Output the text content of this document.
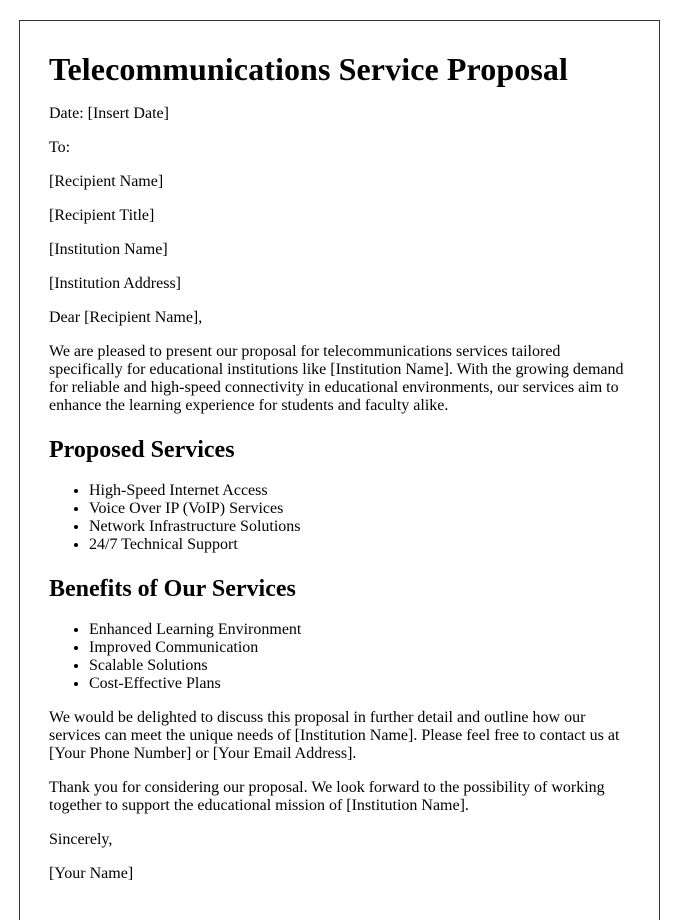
Telecommunications Service Proposal

Date: [Insert Date]

To:

[Recipient Name]

[Recipient Title]

[Institution Name]

[Institution Address]

Dear [Recipient Name],

We are pleased to present our proposal for telecommunications services tailored specifically for educational institutions like [Institution Name]. With the growing demand for reliable and high-speed connectivity in educational environments, our services aim to enhance the learning experience for students and faculty alike.

Proposed Services
• High-Speed Internet Access
• Voice Over IP (VoIP) Services
• Network Infrastructure Solutions
• 24/7 Technical Support
Benefits of Our Services
• Enhanced Learning Environment
• Improved Communication
• Scalable Solutions
• Cost-Effective Plans

We would be delighted to discuss this proposal in further detail and outline how our services can meet the unique needs of [Institution Name]. Please feel free to contact us at [Your Phone Number] or [Your Email Address].

Thank you for considering our proposal. We look forward to the possibility of working together to support the educational mission of [Institution Name].

Sincerely,

[Your Name]
